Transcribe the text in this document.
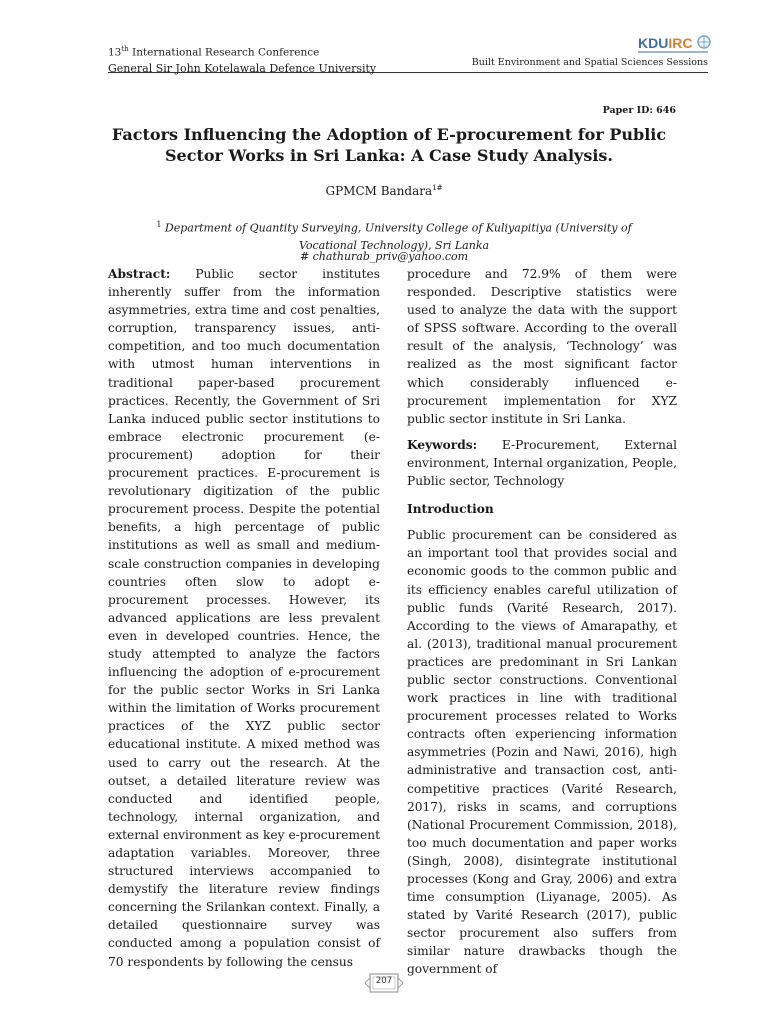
13th International Research Conference
General Sir John Kotelawala Defence University
KDUIRC
Built Environment and Spatial Sciences Sessions
Paper ID: 646
Factors Influencing the Adoption of E-procurement for Public Sector Works in Sri Lanka: A Case Study Analysis.
GPMCM Bandara$^{1\#}$
$^1$ Department of Quantity Surveying, University College of Kuliyapitiya (University of Vocational Technology), Sri Lanka
# chathurab_priv@yahoo.com

Abstract: Public sector institutes inherently suffer from the information asymmetries, extra time and cost penalties, corruption, transparency issues, anti-competition, and too much documentation with utmost human interventions in traditional paper-based procurement practices. Recently, the Government of Sri Lanka induced public sector institutions to embrace electronic procurement (e-procurement) adoption for their procurement practices. E-procurement is revolutionary digitization of the public procurement process. Despite the potential benefits, a high percentage of public institutions as well as small and medium-scale construction companies in developing countries often slow to adopt e-procurement processes. However, its advanced applications are less prevalent even in developed countries. Hence, the study attempted to analyze the factors influencing the adoption of e-procurement for the public sector Works in Sri Lanka within the limitation of Works procurement practices of the XYZ public sector educational institute. A mixed method was used to carry out the research. At the outset, a detailed literature review was conducted and identified people, technology, internal organization, and external environment as key e-procurement adaptation variables. Moreover, three structured interviews accompanied to demystify the literature review findings concerning the Srilankan context. Finally, a detailed questionnaire survey was conducted among a population consist of 70 respondents by following the census

procedure and 72.9% of them were responded. Descriptive statistics were used to analyze the data with the support of SPSS software. According to the overall result of the analysis, ‘Technology’ was realized as the most significant factor which considerably influenced e-procurement implementation for XYZ public sector institute in Sri Lanka.

Keywords: E-Procurement, External environment, Internal organization, People, Public sector, Technology

Introduction

Public procurement can be considered as an important tool that provides social and economic goods to the common public and its efficiency enables careful utilization of public funds (Varité Research, 2017). According to the views of Amarapathy, et al. (2013), traditional manual procurement practices are predominant in Sri Lankan public sector constructions. Conventional work practices in line with traditional procurement processes related to Works contracts often experiencing information asymmetries (Pozin and Nawi, 2016), high administrative and transaction cost, anti-competitive practices (Varité Research, 2017), risks in scams, and corruptions (National Procurement Commission, 2018), too much documentation and paper works (Singh, 2008), disintegrate institutional processes (Kong and Gray, 2006) and extra time consumption (Liyanage, 2005). As stated by Varité Research (2017), public sector procurement also suffers from similar nature drawbacks though the government of

207
